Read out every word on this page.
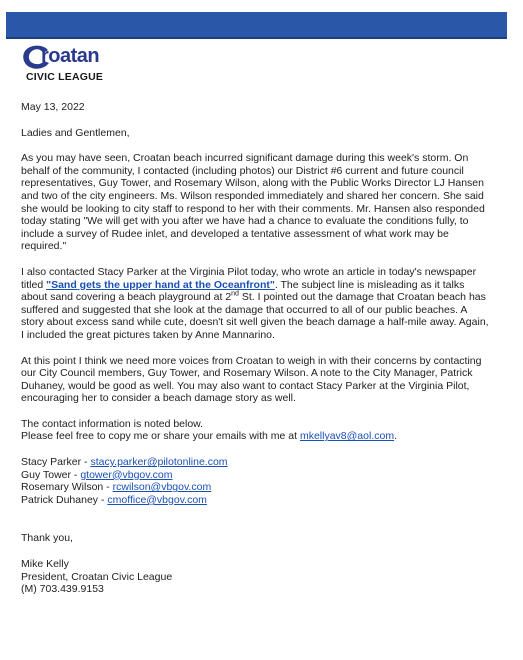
roatan
CIVIC LEAGUE

May 13, 2022

Ladies and Gentlemen,

As you may have seen, Croatan beach incurred significant damage during this week's storm. On behalf of the community, I contacted (including photos) our District #6 current and future council representatives, Guy Tower, and Rosemary Wilson, along with the Public Works Director LJ Hansen and two of the city engineers. Ms. Wilson responded immediately and shared her concern. She said she would be looking to city staff to respond to her with their comments. Mr. Hansen also responded today stating "We will get with you after we have had a chance to evaluate the conditions fully, to include a survey of Rudee inlet, and developed a tentative assessment of what work may be required."

I also contacted Stacy Parker at the Virginia Pilot today, who wrote an article in today's newspaper titled "Sand gets the upper hand at the Oceanfront". The subject line is misleading as it talks about sand covering a beach playground at 2nd St. I pointed out the damage that Croatan beach has suffered and suggested that she look at the damage that occurred to all of our public beaches. A story about excess sand while cute, doesn't sit well given the beach damage a half-mile away. Again, I included the great pictures taken by Anne Mannarino.

At this point I think we need more voices from Croatan to weigh in with their concerns by contacting our City Council members, Guy Tower, and Rosemary Wilson. A note to the City Manager, Patrick Duhaney, would be good as well. You may also want to contact Stacy Parker at the Virginia Pilot, encouraging her to consider a beach damage story as well.

The contact information is noted below.
Please feel free to copy me or share your emails with me at mkellyav8@aol.com.

Stacy Parker - stacy.parker@pilotonline.com
Guy Tower - gtower@vbgov.com
Rosemary Wilson - rcwilson@vbgov.com
Patrick Duhaney - cmoffice@vbgov.com

Thank you,

Mike Kelly
President, Croatan Civic League
(M) 703.439.9153
